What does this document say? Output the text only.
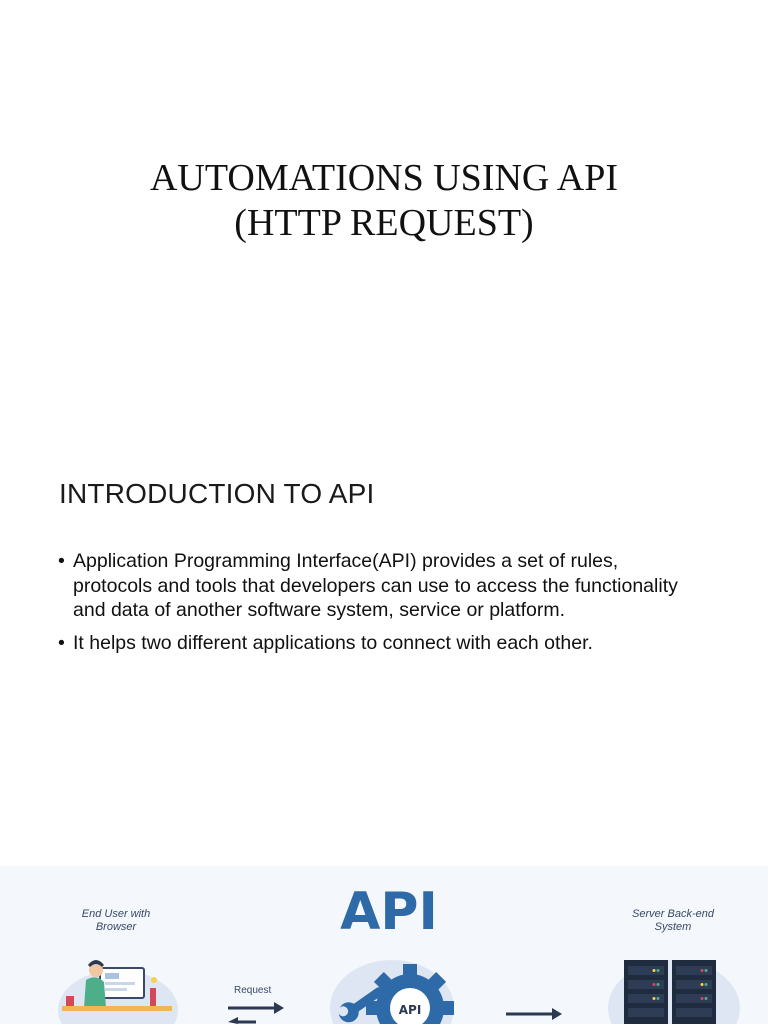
AUTOMATIONS USING API
(HTTP REQUEST)
INTRODUCTION TO API
• Application Programming Interface(API) provides a set of rules, protocols and tools that developers can use to access the functionality and data of another software system, service or platform.
• It helps two different applications to connect with each other.
End User with
Browser	API	Server Back-end
System
Request
API
